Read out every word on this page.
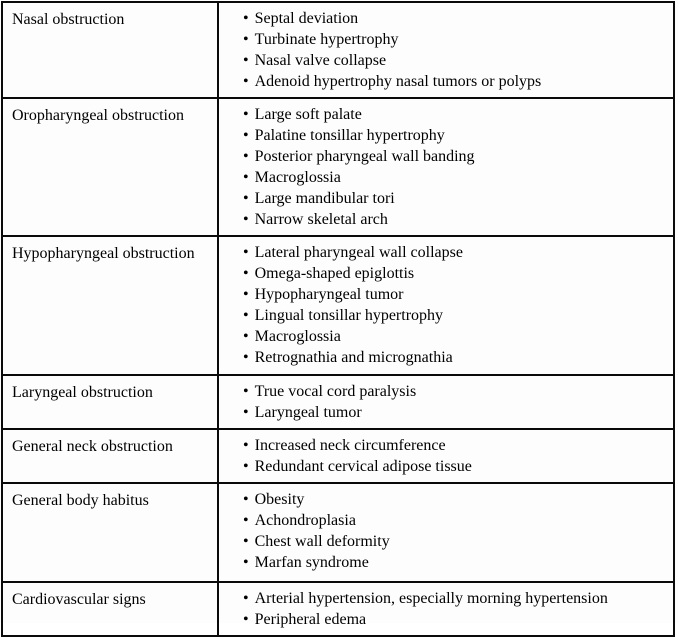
Nasal obstruction	• Septal deviation
• Turbinate hypertrophy
• Nasal valve collapse
• Adenoid hypertrophy nasal tumors or polyps

Oropharyngeal obstruction	• Large soft palate
• Palatine tonsillar hypertrophy
• Posterior pharyngeal wall banding
• Macroglossia
• Large mandibular tori
• Narrow skeletal arch

Hypopharyngeal obstruction	• Lateral pharyngeal wall collapse
• Omega-shaped epiglottis
• Hypopharyngeal tumor
• Lingual tonsillar hypertrophy
• Macroglossia
• Retrognathia and micrognathia

Laryngeal obstruction	• True vocal cord paralysis
• Laryngeal tumor

General neck obstruction	• Increased neck circumference
• Redundant cervical adipose tissue

General body habitus	• Obesity
• Achondroplasia
• Chest wall deformity
• Marfan syndrome

Cardiovascular signs	• Arterial hypertension, especially morning hypertension
• Peripheral edema
